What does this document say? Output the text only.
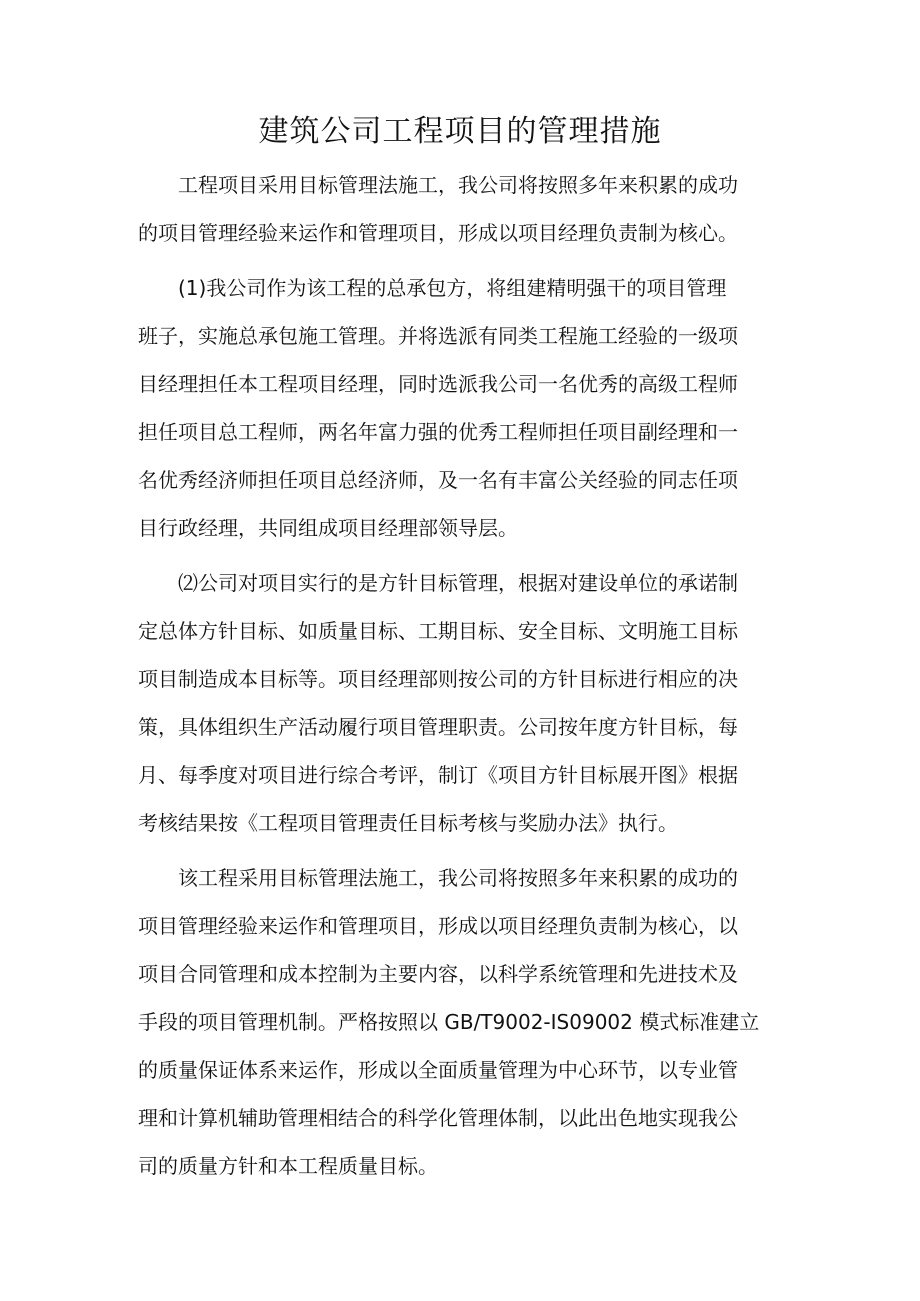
建筑公司工程项目的管理措施

工程项目采用目标管理法施工，我公司将按照多年来积累的成功
的项目管理经验来运作和管理项目，形成以项目经理负责制为核心。

(1)我公司作为该工程的总承包方，将组建精明强干的项目管理
班子，实施总承包施工管理。并将选派有同类工程施工经验的一级项
目经理担任本工程项目经理，同时选派我公司一名优秀的高级工程师
担任项目总工程师，两名年富力强的优秀工程师担任项目副经理和一
名优秀经济师担任项目总经济师，及一名有丰富公关经验的同志任项
目行政经理，共同组成项目经理部领导层。

⑵公司对项目实行的是方针目标管理，根据对建设单位的承诺制
定总体方针目标、如质量目标、工期目标、安全目标、文明施工目标
项目制造成本目标等。项目经理部则按公司的方针目标进行相应的决
策，具体组织生产活动履行项目管理职责。公司按年度方针目标，每
月、每季度对项目进行综合考评，制订《项目方针目标展开图》根据
考核结果按《工程项目管理责任目标考核与奖励办法》执行。

该工程采用目标管理法施工，我公司将按照多年来积累的成功的
项目管理经验来运作和管理项目，形成以项目经理负责制为核心，以
项目合同管理和成本控制为主要内容，以科学系统管理和先进技术及
手段的项目管理机制。严格按照以 GB/T9002-IS09002 模式标准建立
的质量保证体系来运作，形成以全面质量管理为中心环节，以专业管
理和计算机辅助管理相结合的科学化管理体制，以此出色地实现我公
司的质量方针和本工程质量目标。
